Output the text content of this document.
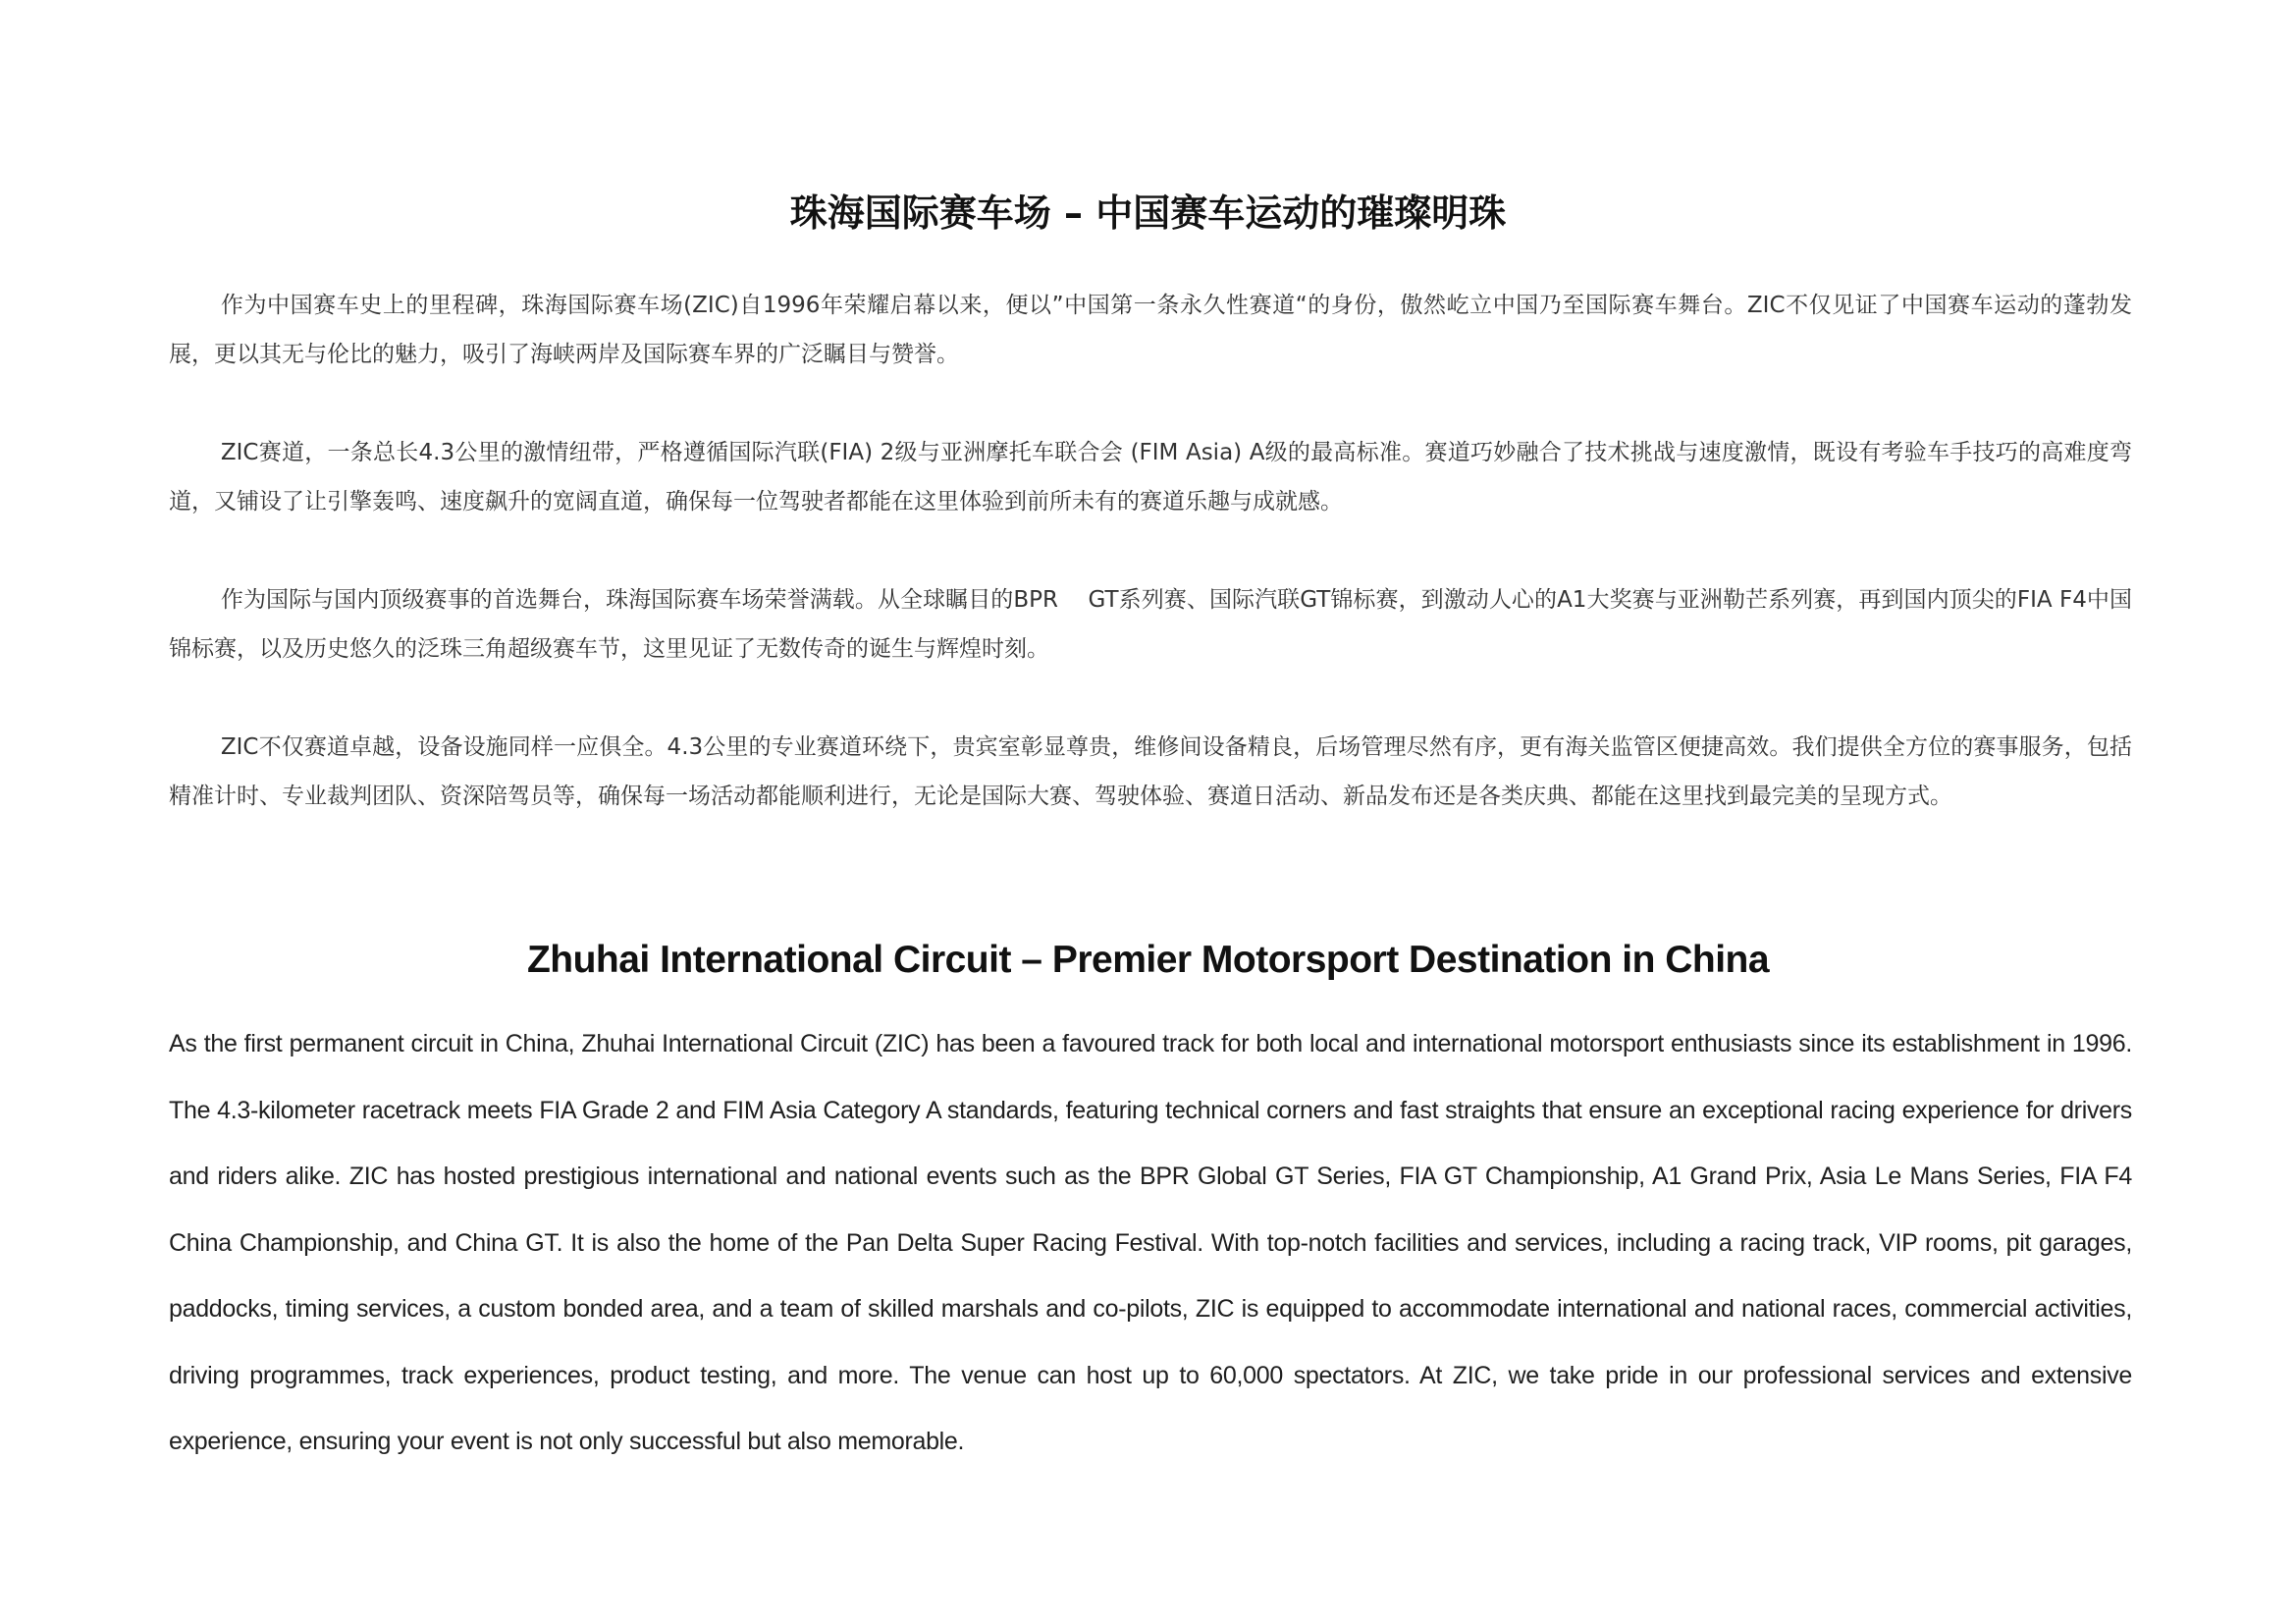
珠海国际赛车场 – 中国赛车运动的璀璨明珠

作为中国赛车史上的里程碑，珠海国际赛车场(ZIC)自1996年荣耀启幕以来，便以”中国第一条永久性赛道“的身份，傲然屹立中国乃至国际赛车舞台。ZIC不仅见证了中国赛车运动的蓬勃发展，更以其无与伦比的魅力，吸引了海峡两岸及国际赛车界的广泛瞩目与赞誉。

ZIC赛道，一条总长4.3公里的激情纽带，严格遵循国际汽联(FIA) 2级与亚洲摩托车联合会 (FIM Asia) A级的最高标准。赛道巧妙融合了技术挑战与速度激情，既设有考验车手技巧的高难度弯道，又铺设了让引擎轰鸣、速度飙升的宽阔直道，确保每一位驾驶者都能在这里体验到前所未有的赛道乐趣与成就感。

作为国际与国内顶级赛事的首选舞台，珠海国际赛车场荣誉满载。从全球瞩目的BPR　 GT系列赛、国际汽联GT锦标赛，到激动人心的A1大奖赛与亚洲勒芒系列赛，再到国内顶尖的FIA F4中国锦标赛，以及历史悠久的泛珠三角超级赛车节，这里见证了无数传奇的诞生与辉煌时刻。

ZIC不仅赛道卓越，设备设施同样一应俱全。4.3公里的专业赛道环绕下，贵宾室彰显尊贵，维修间设备精良，后场管理尽然有序，更有海关监管区便捷高效。我们提供全方位的赛事服务，包括精准计时、专业裁判团队、资深陪驾员等，确保每一场活动都能顺利进行，无论是国际大赛、驾驶体验、赛道日活动、新品发布还是各类庆典、都能在这里找到最完美的呈现方式。

Zhuhai International Circuit – Premier Motorsport Destination in China

As the first permanent circuit in China, Zhuhai International Circuit (ZIC) has been a favoured track for both local and international motorsport enthusiasts since its establishment in 1996. The 4.3-kilometer racetrack meets FIA Grade 2 and FIM Asia Category A standards, featuring technical corners and fast straights that ensure an exceptional racing experience for drivers and riders alike. ZIC has hosted prestigious international and national events such as the BPR Global GT Series, FIA GT Championship, A1 Grand Prix, Asia Le Mans Series, FIA F4 China Championship, and China GT. It is also the home of the Pan Delta Super Racing Festival. With top-notch facilities and services, including a racing track, VIP rooms, pit garages, paddocks, timing services, a custom bonded area, and a team of skilled marshals and co-pilots, ZIC is equipped to accommodate international and national races, commercial activities, driving programmes, track experiences, product testing, and more. The venue can host up to 60,000 spectators. At ZIC, we take pride in our professional services and extensive experience, ensuring your event is not only successful but also memorable.
